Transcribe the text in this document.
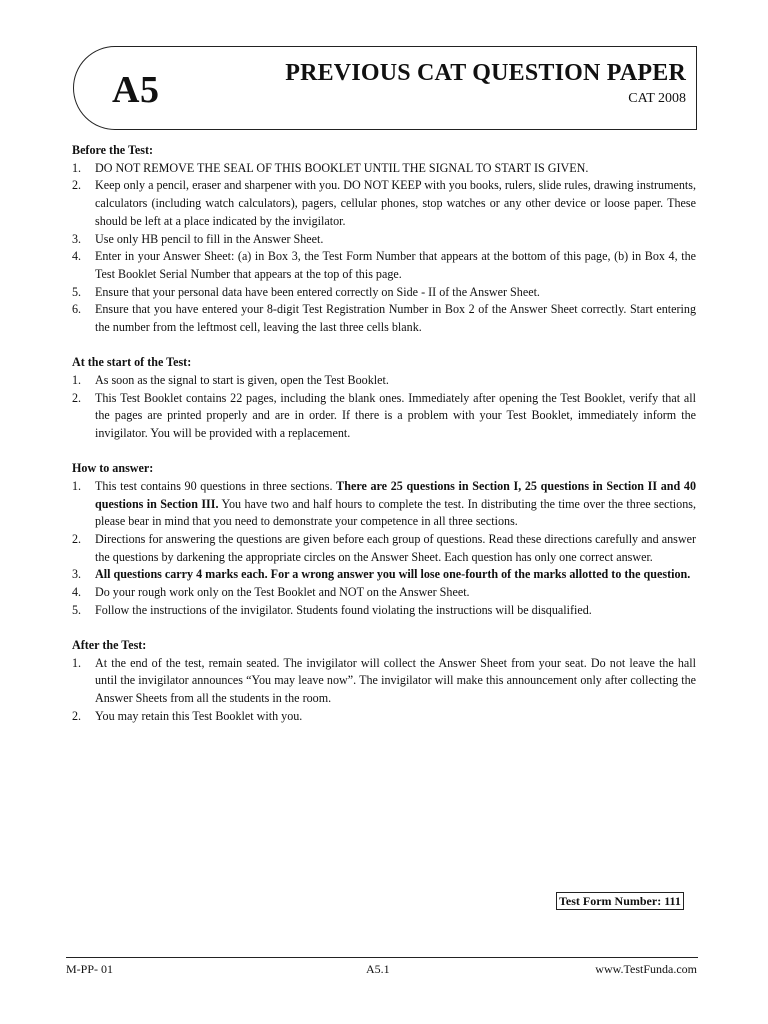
A5	PREVIOUS CAT QUESTION PAPER
CAT 2008
Before the Test:
1. DO NOT REMOVE THE SEAL OF THIS BOOKLET UNTIL THE SIGNAL TO START IS GIVEN.
2. Keep only a pencil, eraser and sharpener with you. DO NOT KEEP with you books, rulers, slide rules, drawing instruments, calculators (including watch calculators), pagers, cellular phones, stop watches or any other device or loose paper. These should be left at a place indicated by the invigilator.
3. Use only HB pencil to fill in the Answer Sheet.
4. Enter in your Answer Sheet: (a) in Box 3, the Test Form Number that appears at the bottom of this page, (b) in Box 4, the Test Booklet Serial Number that appears at the top of this page.
5. Ensure that your personal data have been entered correctly on Side - II of the Answer Sheet.
6. Ensure that you have entered your 8-digit Test Registration Number in Box 2 of the Answer Sheet correctly. Start entering the number from the leftmost cell, leaving the last three cells blank.
At the start of the Test:
1. As soon as the signal to start is given, open the Test Booklet.
2. This Test Booklet contains 22 pages, including the blank ones. Immediately after opening the Test Booklet, verify that all the pages are printed properly and are in order. If there is a problem with your Test Booklet, immediately inform the invigilator. You will be provided with a replacement.
How to answer:
1. This test contains 90 questions in three sections. There are 25 questions in Section I, 25 questions in Section II and 40 questions in Section III. You have two and half hours to complete the test. In distributing the time over the three sections, please bear in mind that you need to demonstrate your competence in all three sections.
2. Directions for answering the questions are given before each group of questions. Read these directions carefully and answer the questions by darkening the appropriate circles on the Answer Sheet. Each question has only one correct answer.
3. All questions carry 4 marks each. For a wrong answer you will lose one-fourth of the marks allotted to the question.
4. Do your rough work only on the Test Booklet and NOT on the Answer Sheet.
5. Follow the instructions of the invigilator. Students found violating the instructions will be disqualified.
After the Test:
1. At the end of the test, remain seated. The invigilator will collect the Answer Sheet from your seat. Do not leave the hall until the invigilator announces “You may leave now”. The invigilator will make this announcement only after collecting the Answer Sheets from all the students in the room.
2. You may retain this Test Booklet with you.
Test Form Number: 111
M-PP- 01	A5.1	www.TestFunda.com
